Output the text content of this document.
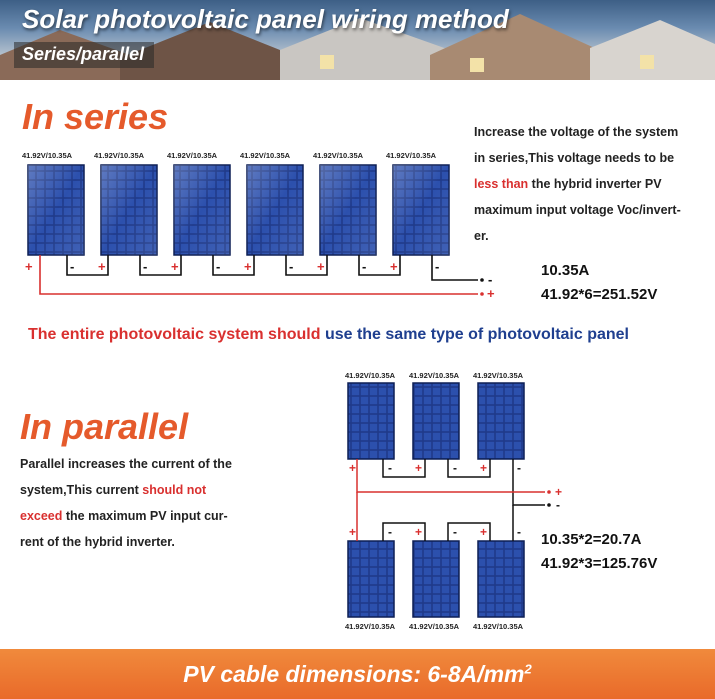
Solar photovoltaic panel wiring method
Series/parallel
In series
41.92V/10.35A	41.92V/10.35A	41.92V/10.35A	41.92V/10.35A	41.92V/10.35A	41.92V/10.35A
+	- +	- +	- +	- +	- +	-
-
+
Increase the voltage of the system
in series,This voltage needs to be
less than the hybrid inverter PV
maximum input voltage Voc/invert-
er.
10.35A
41.92*6=251.52V
The entire photovoltaic system should use the same type of photovoltaic panel
In parallel
Parallel increases the current of the
system,This current should not
exceed the maximum PV input cur-
rent of the hybrid inverter.
41.92V/10.35A 41.92V/10.35A 41.92V/10.35A
41.92V/10.35A 41.92V/10.35A 41.92V/10.35A
+	- +	- + -
+	- +	- + -
+
-
10.35*2=20.7A
41.92*3=125.76V
PV cable dimensions: $6-8A/mm^2$
